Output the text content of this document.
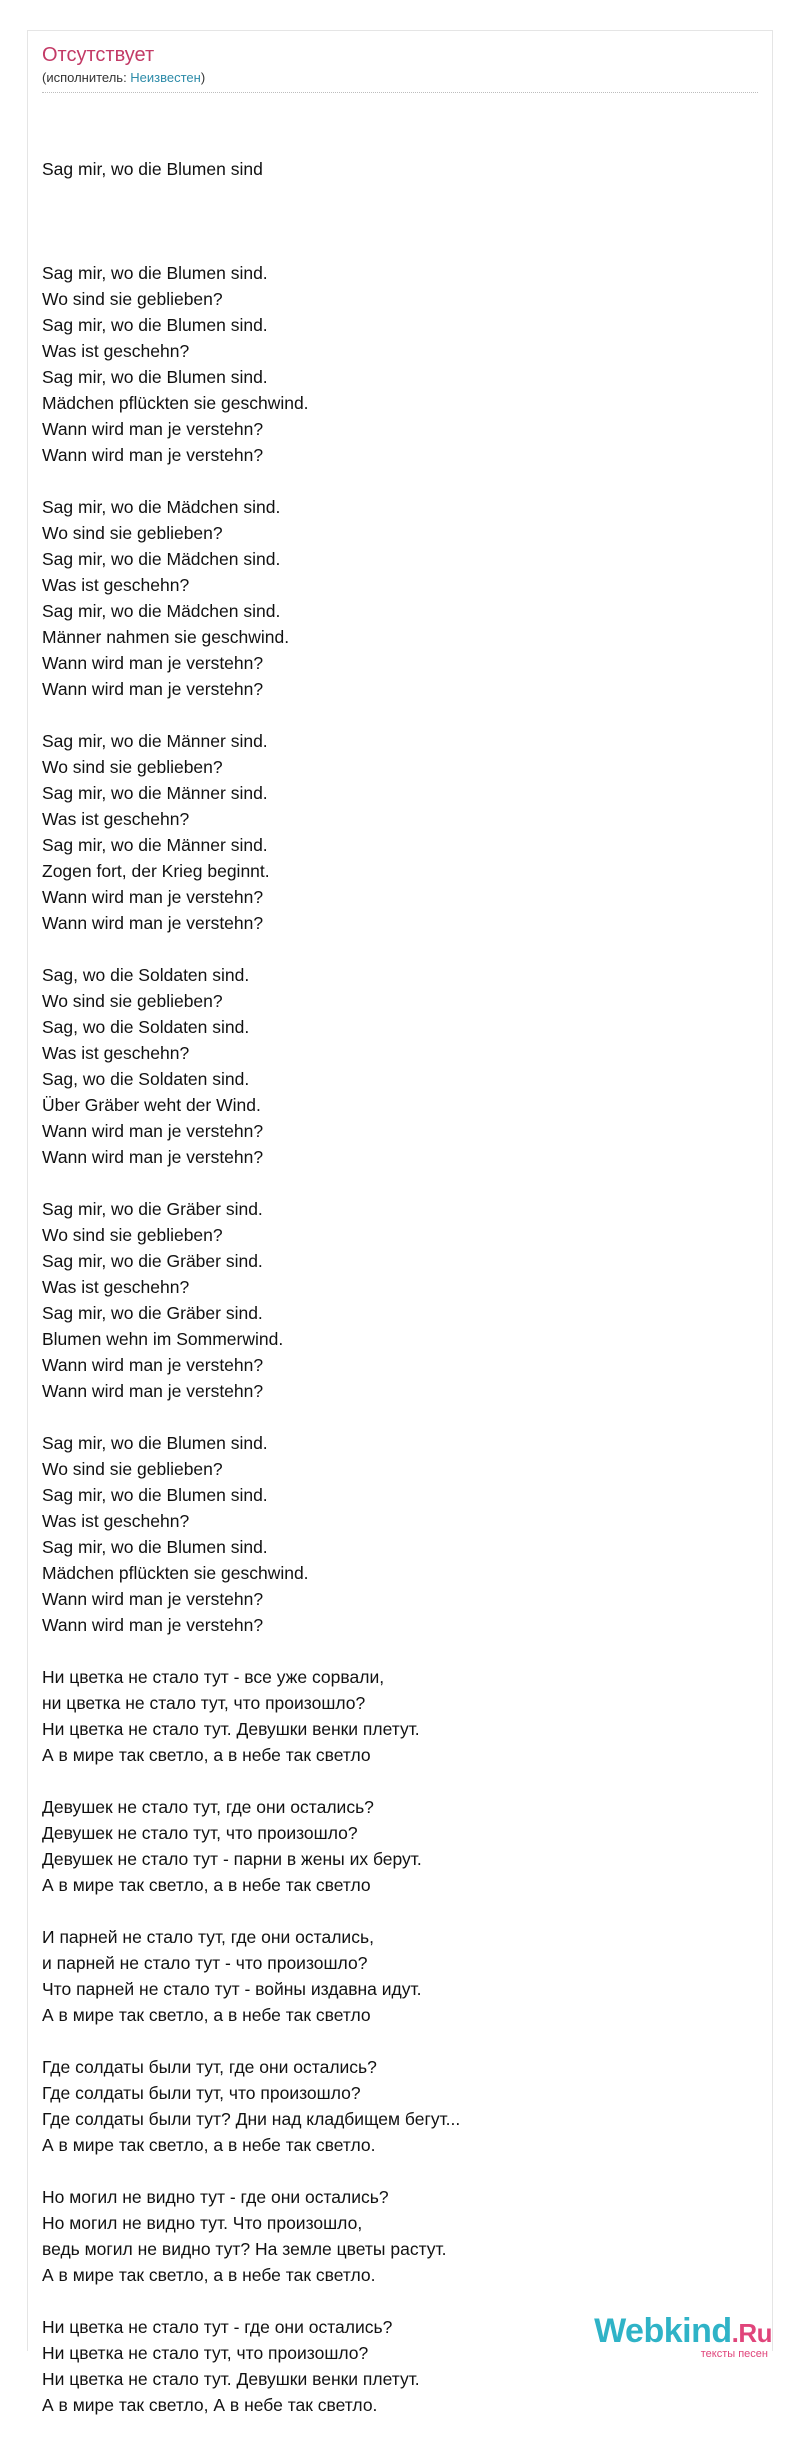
Отсутствует
(исполнитель: Неизвестен)

Sag mir, wo die Blumen sind

Sag mir, wo die Blumen sind.
Wo sind sie geblieben?
Sag mir, wo die Blumen sind.
Was ist geschehn?
Sag mir, wo die Blumen sind.
Mädchen pflückten sie geschwind.
Wann wird man je verstehn?
Wann wird man je verstehn?
Sag mir, wo die Mädchen sind.
Wo sind sie geblieben?
Sag mir, wo die Mädchen sind.
Was ist geschehn?
Sag mir, wo die Mädchen sind.
Männer nahmen sie geschwind.
Wann wird man je verstehn?
Wann wird man je verstehn?
Sag mir, wo die Männer sind.
Wo sind sie geblieben?
Sag mir, wo die Männer sind.
Was ist geschehn?
Sag mir, wo die Männer sind.
Zogen fort, der Krieg beginnt.
Wann wird man je verstehn?
Wann wird man je verstehn?
Sag, wo die Soldaten sind.
Wo sind sie geblieben?
Sag, wo die Soldaten sind.
Was ist geschehn?
Sag, wo die Soldaten sind.
Über Gräber weht der Wind.
Wann wird man je verstehn?
Wann wird man je verstehn?
Sag mir, wo die Gräber sind.
Wo sind sie geblieben?
Sag mir, wo die Gräber sind.
Was ist geschehn?
Sag mir, wo die Gräber sind.
Blumen wehn im Sommerwind.
Wann wird man je verstehn?
Wann wird man je verstehn?
Sag mir, wo die Blumen sind.
Wo sind sie geblieben?
Sag mir, wo die Blumen sind.
Was ist geschehn?
Sag mir, wo die Blumen sind.
Mädchen pflückten sie geschwind.
Wann wird man je verstehn?
Wann wird man je verstehn?
Ни цветка не стало тут - все уже сорвали,
ни цветка не стало тут, что произошло?
Ни цветка не стало тут. Девушки венки плетут.
А в мире так светло, а в небе так светло
Девушек не стало тут, где они остались?
Девушек не стало тут, что произошло?
Девушек не стало тут - парни в жены их берут.
А в мире так светло, а в небе так светло
И парней не стало тут, где они остались,
и парней не стало тут - что произошло?
Что парней не стало тут - войны издавна идут.
А в мире так светло, а в небе так светло
Где солдаты были тут, где они остались?
Где солдаты были тут, что произошло?
Где солдаты были тут? Дни над кладбищем бегут...
А в мире так светло, а в небе так светло.
Но могил не видно тут - где они остались?
Но могил не видно тут. Что произошло,
ведь могил не видно тут? На земле цветы растут.
А в мире так светло, а в небе так светло.
Ни цветка не стало тут - где они остались?
Ни цветка не стало тут, что произошло?
Ни цветка не стало тут. Девушки венки плетут.
А в мире так светло, А в небе так светло.
Webkind.Ru
тексты песен
